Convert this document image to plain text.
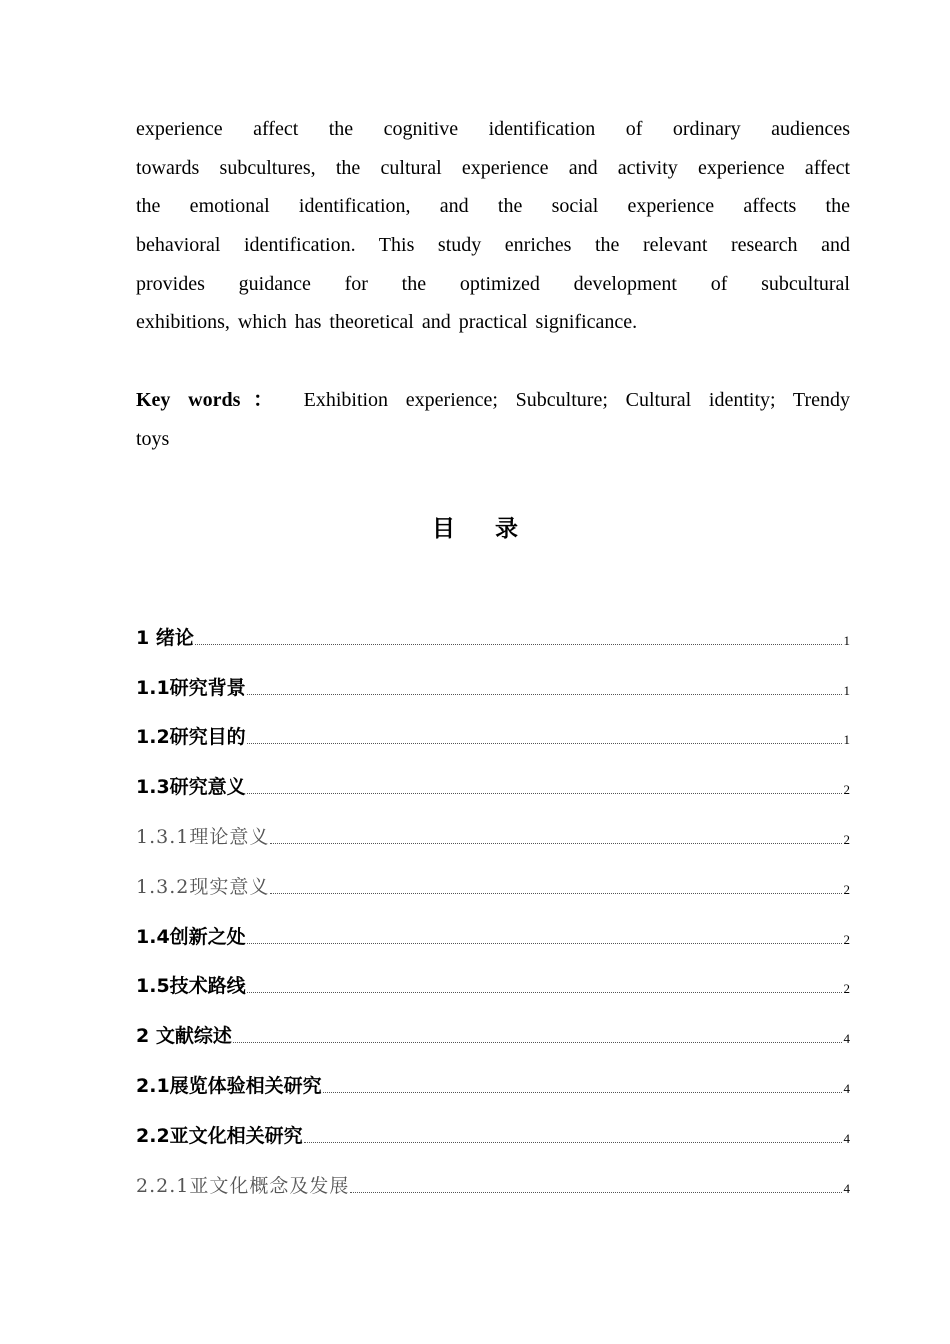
experience affect the cognitive identification of ordinary audiences
towards subcultures, the cultural experience and activity experience affect
the emotional identification, and the social experience affects the
behavioral identification. This study enriches the relevant research and
provides guidance for the optimized development of subcultural
exhibitions, which has theoretical and practical significance.
Key words： Exhibition experience; Subculture; Cultural identity; Trendy
toys
目录
1 绪论	1
1.1研究背景	1
1.2研究目的	1
1.3研究意义	2
1.3.1理论意义	2
1.3.2现实意义	2
1.4创新之处	2
1.5技术路线	2
2 文献综述	4
2.1展览体验相关研究	4
2.2亚文化相关研究	4
2.2.1亚文化概念及发展	4
